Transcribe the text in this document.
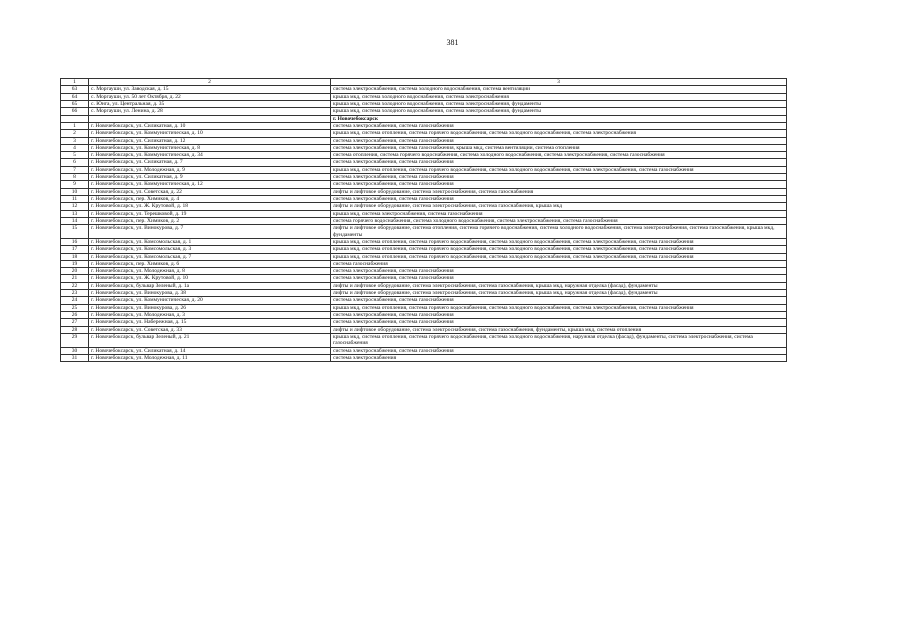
381
1	2	3
63	с. Моргауши, ул. Заводская, д. 15	система электроснабжения, система холодного водоснабжения, система вентиляции
64	с. Моргауши, ул. 50 лет Октября, д. 22	крыша мкд, система холодного водоснабжения, система электроснабжения
65	с. Юнга, ул. Центральная, д. 35	крыша мкд, система холодного водоснабжения, система электроснабжения, фундаменты
66	с. Моргауши, ул. Ленина, д. 28	крыша мкд, система холодного водоснабжения, система электроснабжения, фундаменты
		г. Новочебоксарск
1	г. Новочебоксарск, ул. Силикатная, д. 10	система электроснабжения, система газоснабжения
2	г. Новочебоксарск, ул. Коммунистическая, д. 10	крыша мкд, система отопления, система горячего водоснабжения, система холодного водоснабжения, система электроснабжения
3	г. Новочебоксарск, ул. Силикатная, д. 12	система электроснабжения, система газоснабжения
4	г. Новочебоксарск, ул. Коммунистическая, д. 8	система электроснабжения, система газоснабжения, крыша мкд, система вентиляции, система отопления
5	г. Новочебоксарск, ул. Коммунистическая, д. 34	система отопления, система горячего водоснабжения, система холодного водоснабжения, система электроснабжения, система газоснабжения
6	г. Новочебоксарск, ул. Силикатная, д. 7	система электроснабжения, система газоснабжения
7	г. Новочебоксарск, ул. Молодежная, д. 9	крыша мкд, система отопления, система горячего водоснабжения, система холодного водоснабжения, система электроснабжения, система газоснабжения
8	г. Новочебоксарск, ул. Силикатная, д. 9	система электроснабжения, система газоснабжения
9	г. Новочебоксарск, ул. Коммунистическая, д. 12	система электроснабжения, система газоснабжения
10	г. Новочебоксарск, ул. Советская, д. 22	лифты и лифтовое оборудование, система электроснабжения, система газоснабжения
11	г. Новочебоксарск, пер. Химиков, д. 4	система электроснабжения, система газоснабжения
12	г. Новочебоксарск, ул. Ж. Крутовой, д. 18	лифты и лифтовое оборудование, система электроснабжения, система газоснабжения, крыша мкд
13	г. Новочебоксарск, ул. Терешковой, д. 19	крыша мкд, система электроснабжения, система газоснабжения
14	г. Новочебоксарск, пер. Химиков, д. 2	система горячего водоснабжения, система холодного водоснабжения, система электроснабжения, система газоснабжения
15	г. Новочебоксарск, ул. Винокурова, д. 7	лифты и лифтовое оборудование, система отопления, система горячего водоснабжения, система холодного водоснабжения, система электроснабжения, система газоснабжения, крыша мкд, фундаменты
16	г. Новочебоксарск, ул. Комсомольская, д. 1	крыша мкд, система отопления, система горячего водоснабжения, система холодного водоснабжения, система электроснабжения, система газоснабжения
17	г. Новочебоксарск, ул. Комсомольская, д. 3	крыша мкд, система отопления, система горячего водоснабжения, система холодного водоснабжения, система электроснабжения, система газоснабжения
18	г. Новочебоксарск, ул. Комсомольская, д. 7	крыша мкд, система отопления, система горячего водоснабжения, система холодного водоснабжения, система электроснабжения, система газоснабжения
19	г. Новочебоксарск, пер. Химиков, д. 6	система газоснабжения
20	г. Новочебоксарск, ул. Молодежная, д. 8	система электроснабжения, система газоснабжения
21	г. Новочебоксарск, ул. Ж. Крутовой, д. 10	система электроснабжения, система газоснабжения
22	г. Новочебоксарск, бульвар Зеленый, д. 1а	лифты и лифтовое оборудование, система электроснабжения, система газоснабжения, крыша мкд, наружная отделка (фасад), фундаменты
23	г. Новочебоксарск, ул. Винокурова, д. 38	лифты и лифтовое оборудование, система электроснабжения, система газоснабжения, крыша мкд, наружная отделка (фасад), фундаменты
24	г. Новочебоксарск, ул. Коммунистическая, д. 20	система электроснабжения, система газоснабжения
25	г. Новочебоксарск, ул. Винокурова, д. 26	крыша мкд, система отопления, система горячего водоснабжения, система холодного водоснабжения, система электроснабжения, система газоснабжения
26	г. Новочебоксарск, ул. Молодежная, д. 3	система электроснабжения, система газоснабжения
27	г. Новочебоксарск, ул. Набережная, д. 15	система электроснабжения, система газоснабжения
28	г. Новочебоксарск, ул. Советская, д. 33	лифты и лифтовое оборудование, система электроснабжения, система газоснабжения, фундаменты, крыша мкд, система отопления
29	г. Новочебоксарск, бульвар Зеленый, д. 21	крыша мкд, система отопления, система горячего водоснабжения, система холодного водоснабжения, наружная отделка (фасад), фундаменты, система электроснабжения, система газоснабжения
30	г. Новочебоксарск, ул. Силикатная, д. 14	система электроснабжения, система газоснабжения
31	г. Новочебоксарск, ул. Молодежная, д. 11	система электроснабжения
